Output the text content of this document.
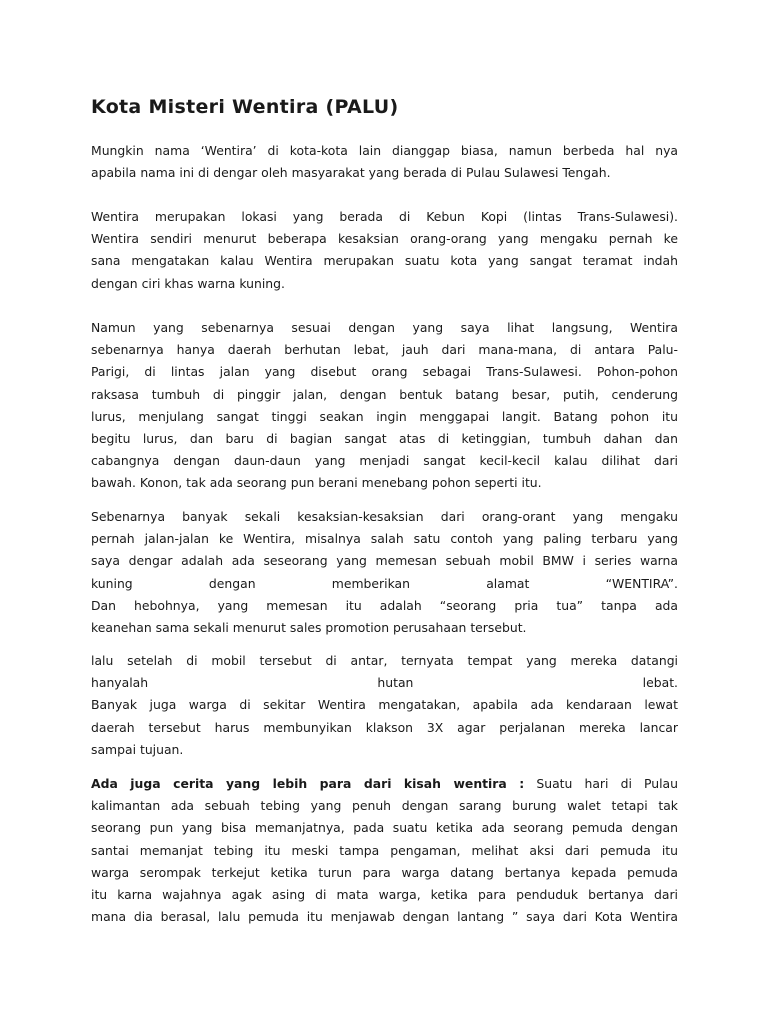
Kota Misteri Wentira (PALU)
Mungkin nama ‘Wentira’ di kota-kota lain dianggap biasa, namun berbeda hal nya
apabila nama ini di dengar oleh masyarakat yang berada di Pulau Sulawesi Tengah.
Wentira merupakan lokasi yang berada di Kebun Kopi (lintas Trans-Sulawesi).
Wentira sendiri menurut beberapa kesaksian orang-orang yang mengaku pernah ke
sana mengatakan kalau Wentira merupakan suatu kota yang sangat teramat indah
dengan ciri khas warna kuning.
Namun yang sebenarnya sesuai dengan yang saya lihat langsung, Wentira
sebenarnya hanya daerah berhutan lebat, jauh dari mana-mana, di antara Palu-
Parigi, di lintas jalan yang disebut orang sebagai Trans-Sulawesi. Pohon-pohon
raksasa tumbuh di pinggir jalan, dengan bentuk batang besar, putih, cenderung
lurus, menjulang sangat tinggi seakan ingin menggapai langit. Batang pohon itu
begitu lurus, dan baru di bagian sangat atas di ketinggian, tumbuh dahan dan
cabangnya dengan daun-daun yang menjadi sangat kecil-kecil kalau dilihat dari
bawah. Konon, tak ada seorang pun berani menebang pohon seperti itu.
Sebenarnya banyak sekali kesaksian-kesaksian dari orang-orant yang mengaku
pernah jalan-jalan ke Wentira, misalnya salah satu contoh yang paling terbaru yang
saya dengar adalah ada seseorang yang memesan sebuah mobil BMW i series warna
kuning dengan memberikan alamat “WENTIRA”.
Dan hebohnya, yang memesan itu adalah “seorang pria tua” tanpa ada
keanehan sama sekali menurut sales promotion perusahaan tersebut.
lalu setelah di mobil tersebut di antar, ternyata tempat yang mereka datangi
hanyalah hutan lebat.
Banyak juga warga di sekitar Wentira mengatakan, apabila ada kendaraan lewat
daerah tersebut harus membunyikan klakson 3X agar perjalanan mereka lancar
sampai tujuan.
Ada juga cerita yang lebih para dari kisah wentira : Suatu hari di Pulau
kalimantan ada sebuah tebing yang penuh dengan sarang burung walet tetapi tak
seorang pun yang bisa memanjatnya, pada suatu ketika ada seorang pemuda dengan
santai memanjat tebing itu meski tampa pengaman, melihat aksi dari pemuda itu
warga serompak terkejut ketika turun para warga datang bertanya kepada pemuda
itu karna wajahnya agak asing di mata warga, ketika para penduduk bertanya dari
mana dia berasal, lalu pemuda itu menjawab dengan lantang ” saya dari Kota Wentira
